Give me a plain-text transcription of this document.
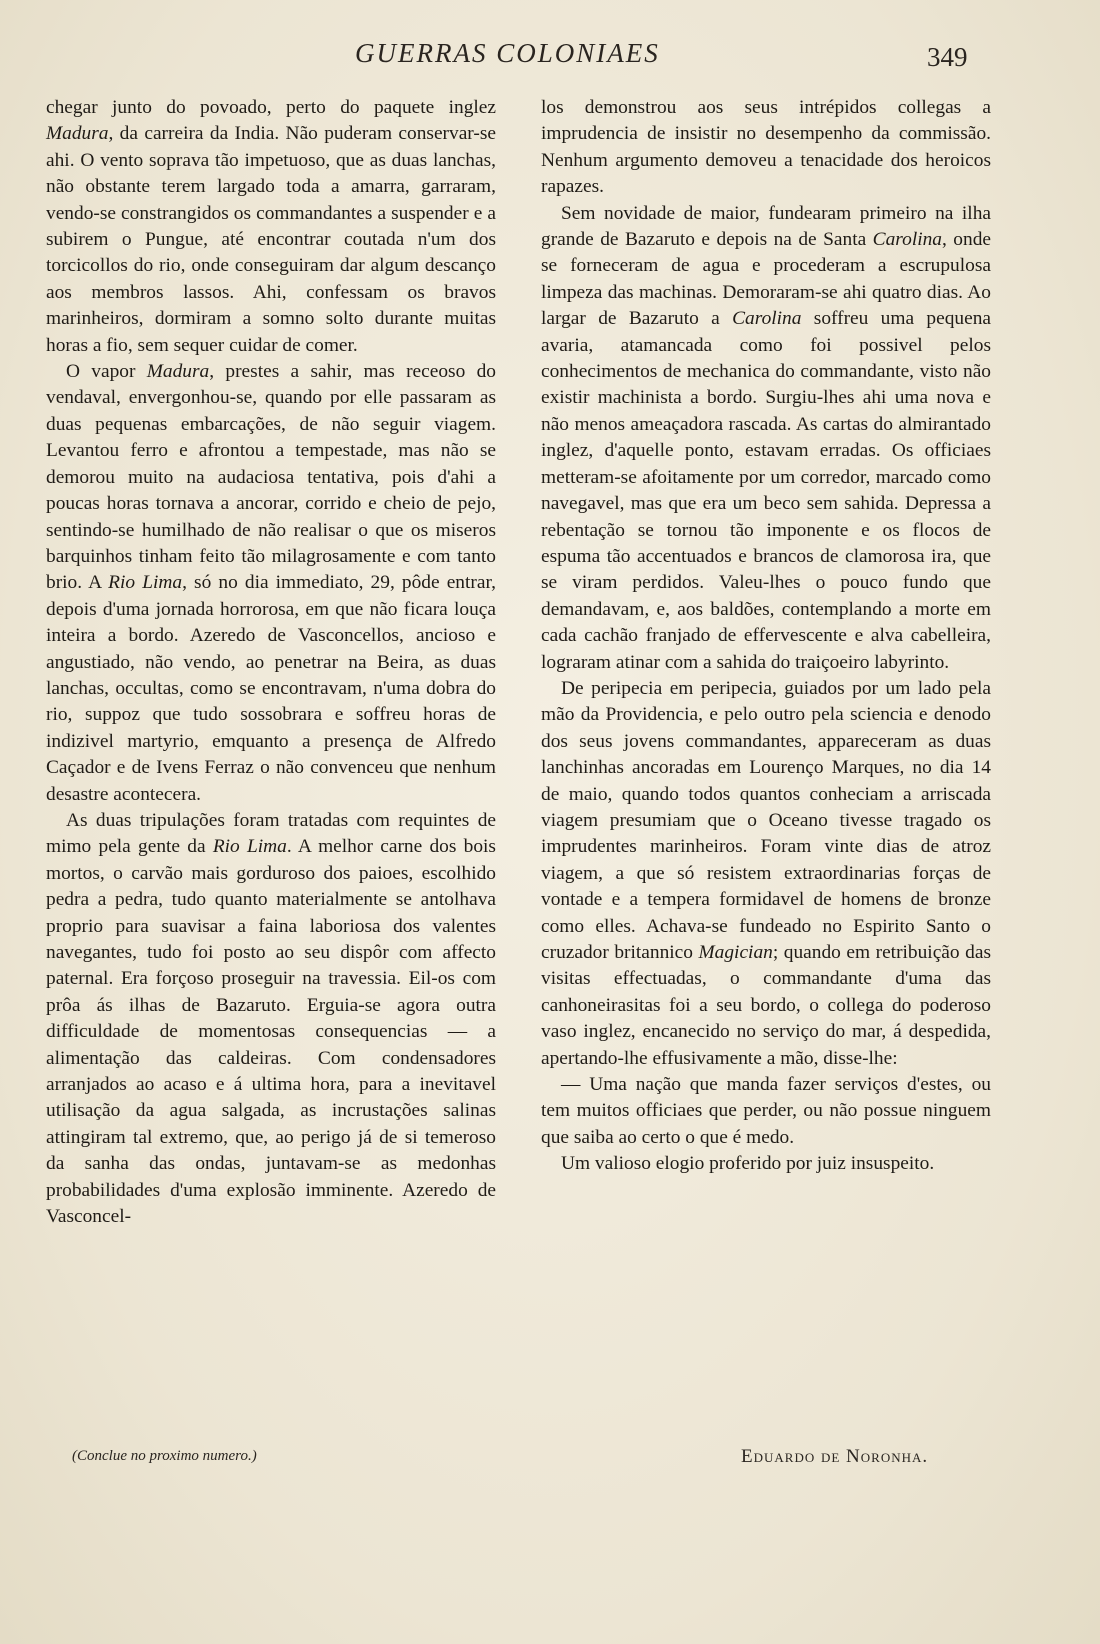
GUERRAS COLONIAES	349

chegar junto do povoado, perto do paquete inglez Madura, da carreira da India. Não puderam conservar-se ahi. O vento soprava tão impetuoso, que as duas lanchas, não obstante terem largado toda a amarra, garraram, vendo-se constrangidos os commandantes a suspender e a subirem o Pungue, até encontrar coutada n'um dos torcicollos do rio, onde conseguiram dar algum descanço aos membros lassos. Ahi, confessam os bravos marinheiros, dormiram a somno solto durante muitas horas a fio, sem sequer cuidar de comer.

O vapor Madura, prestes a sahir, mas receoso do vendaval, envergonhou-se, quando por elle passaram as duas pequenas embarcações, de não seguir viagem. Levantou ferro e afrontou a tempestade, mas não se demorou muito na audaciosa tentativa, pois d'ahi a poucas horas tornava a ancorar, corrido e cheio de pejo, sentindo-se humilhado de não realisar o que os miseros barquinhos tinham feito tão milagrosamente e com tanto brio. A Rio Lima, só no dia immediato, 29, pôde entrar, depois d'uma jornada horrorosa, em que não ficara louça inteira a bordo. Azeredo de Vasconcellos, ancioso e angustiado, não vendo, ao penetrar na Beira, as duas lanchas, occultas, como se encontravam, n'uma dobra do rio, suppoz que tudo sossobrara e soffreu horas de indizivel martyrio, emquanto a presença de Alfredo Caçador e de Ivens Ferraz o não convenceu que nenhum desastre acontecera.

As duas tripulações foram tratadas com requintes de mimo pela gente da Rio Lima. A melhor carne dos bois mortos, o carvão mais gorduroso dos paioes, escolhido pedra a pedra, tudo quanto materialmente se antolhava proprio para suavisar a faina laboriosa dos valentes navegantes, tudo foi posto ao seu dispôr com affecto paternal. Era forçoso proseguir na travessia. Eil-os com prôa ás ilhas de Bazaruto. Erguia-se agora outra difficuldade de momentosas consequencias — a alimentação das caldeiras. Com condensadores arranjados ao acaso e á ultima hora, para a inevitavel utilisação da agua salgada, as incrustações salinas attingiram tal extremo, que, ao perigo já de si temeroso da sanha das ondas, juntavam-se as medonhas probabilidades d'uma explosão imminente. Azeredo de Vasconcel-

los demonstrou aos seus intrépidos collegas a imprudencia de insistir no desempenho da commissão. Nenhum argumento demoveu a tenacidade dos heroicos rapazes.

Sem novidade de maior, fundearam primeiro na ilha grande de Bazaruto e depois na de Santa Carolina, onde se forneceram de agua e procederam a escrupulosa limpeza das machinas. Demoraram-se ahi quatro dias. Ao largar de Bazaruto a Carolina soffreu uma pequena avaria, atamancada como foi possivel pelos conhecimentos de mechanica do commandante, visto não existir machinista a bordo. Surgiu-lhes ahi uma nova e não menos ameaçadora rascada. As cartas do almirantado inglez, d'aquelle ponto, estavam erradas. Os officiaes metteram-se afoitamente por um corredor, marcado como navegavel, mas que era um beco sem sahida. Depressa a rebentação se tornou tão imponente e os flocos de espuma tão accentuados e brancos de clamorosa ira, que se viram perdidos. Valeu-lhes o pouco fundo que demandavam, e, aos baldões, contemplando a morte em cada cachão franjado de effervescente e alva cabelleira, lograram atinar com a sahida do traiçoeiro labyrinto.

De peripecia em peripecia, guiados por um lado pela mão da Providencia, e pelo outro pela sciencia e denodo dos seus jovens commandantes, appareceram as duas lanchinhas ancoradas em Lourenço Marques, no dia 14 de maio, quando todos quantos conheciam a arriscada viagem presumiam que o Oceano tivesse tragado os imprudentes marinheiros. Foram vinte dias de atroz viagem, a que só resistem extraordinarias forças de vontade e a tempera formidavel de homens de bronze como elles. Achava-se fundeado no Espirito Santo o cruzador britannico Magician; quando em retribuição das visitas effectuadas, o commandante d'uma das canhoneirasitas foi a seu bordo, o collega do poderoso vaso inglez, encanecido no serviço do mar, á despedida, apertando-lhe effusivamente a mão, disse-lhe:

— Uma nação que manda fazer serviços d'estes, ou tem muitos officiaes que perder, ou não possue ninguem que saiba ao certo o que é medo.

Um valioso elogio proferido por juiz insuspeito.

(Conclue no proximo numero.)	Eduardo de Noronha.
